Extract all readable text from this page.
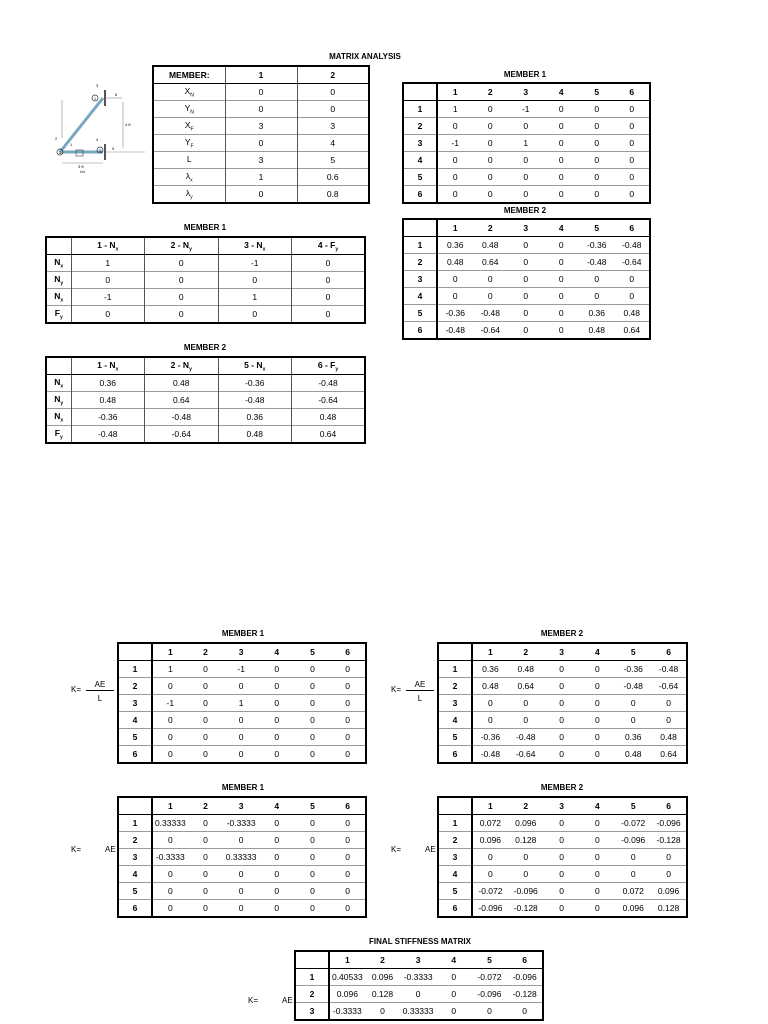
MATRIX ANALYSIS
1
2	3
3
2
1
4
5
6
4 ft
3 ft
(a)
MEMBER:	1	2
$X_N$	0	0
$Y_N$	0	0
$X_F$	3	3
$Y_F$	0	4
L	3	5
$\lambda_x$	1	0.6
$\lambda_y$	0	0.8
MEMBER 1
	$1 - N_x$	$2 - N_y$	$3 - N_x$	$4 - F_y$
$N_x$	1	0	-1	0
$N_y$	0	0	0	0
$N_x$	-1	0	1	0
$F_y$	0	0	0	0
MEMBER 2
	$1 - N_x$	$2 - N_y$	$5 - N_x$	$6 - F_y$
$N_x$	0.36	0.48	-0.36	-0.48
$N_y$	0.48	0.64	-0.48	-0.64
$N_x$	-0.36	-0.48	0.36	0.48
$F_y$	-0.48	-0.64	0.48	0.64
MEMBER 1
	1	2	3	4	5	6
1	1	0	-1	0	0	0
2	0	0	0	0	0	0
3	-1	0	1	0	0	0
4	0	0	0	0	0	0
5	0	0	0	0	0	0
6	0	0	0	0	0	0
MEMBER 2
	1	2	3	4	5	6
1	0.36	0.48	0	0	-0.36	-0.48
2	0.48	0.64	0	0	-0.48	-0.64
3	0	0	0	0	0	0
4	0	0	0	0	0	0
5	-0.36	-0.48	0	0	0.36	0.48
6	-0.48	-0.64	0	0	0.48	0.64
MEMBER 1
$K= \frac{AE}{L}$
	1	2	3	4	5	6
1	1	0	-1	0	0	0
2	0	0	0	0	0	0
3	-1	0	1	0	0	0
4	0	0	0	0	0	0
5	0	0	0	0	0	0
6	0	0	0	0	0	0
MEMBER 2
$K= \frac{AE}{L}$
	1	2	3	4	5	6
1	0.36	0.48	0	0	-0.36	-0.48
2	0.48	0.64	0	0	-0.48	-0.64
3	0	0	0	0	0	0
4	0	0	0	0	0	0
5	-0.36	-0.48	0	0	0.36	0.48
6	-0.48	-0.64	0	0	0.48	0.64
MEMBER 1
K=	AE
	1	2	3	4	5	6
1	0.33333	0	-0.3333	0	0	0
2	0	0	0	0	0	0
3	-0.3333	0	0.33333	0	0	0
4	0	0	0	0	0	0
5	0	0	0	0	0	0
6	0	0	0	0	0	0
MEMBER 2
K=	AE
	1	2	3	4	5	6
1	0.072	0.096	0	0	-0.072	-0.096
2	0.096	0.128	0	0	-0.096	-0.128
3	0	0	0	0	0	0
4	0	0	0	0	0	0
5	-0.072	-0.096	0	0	0.072	0.096
6	-0.096	-0.128	0	0	0.096	0.128
FINAL STIFFNESS MATRIX
K=	AE
	1	2	3	4	5	6
1	0.40533	0.096	-0.3333	0	-0.072	-0.096
2	0.096	0.128	0	0	-0.096	-0.128
3	-0.3333	0	0.33333	0	0	0
